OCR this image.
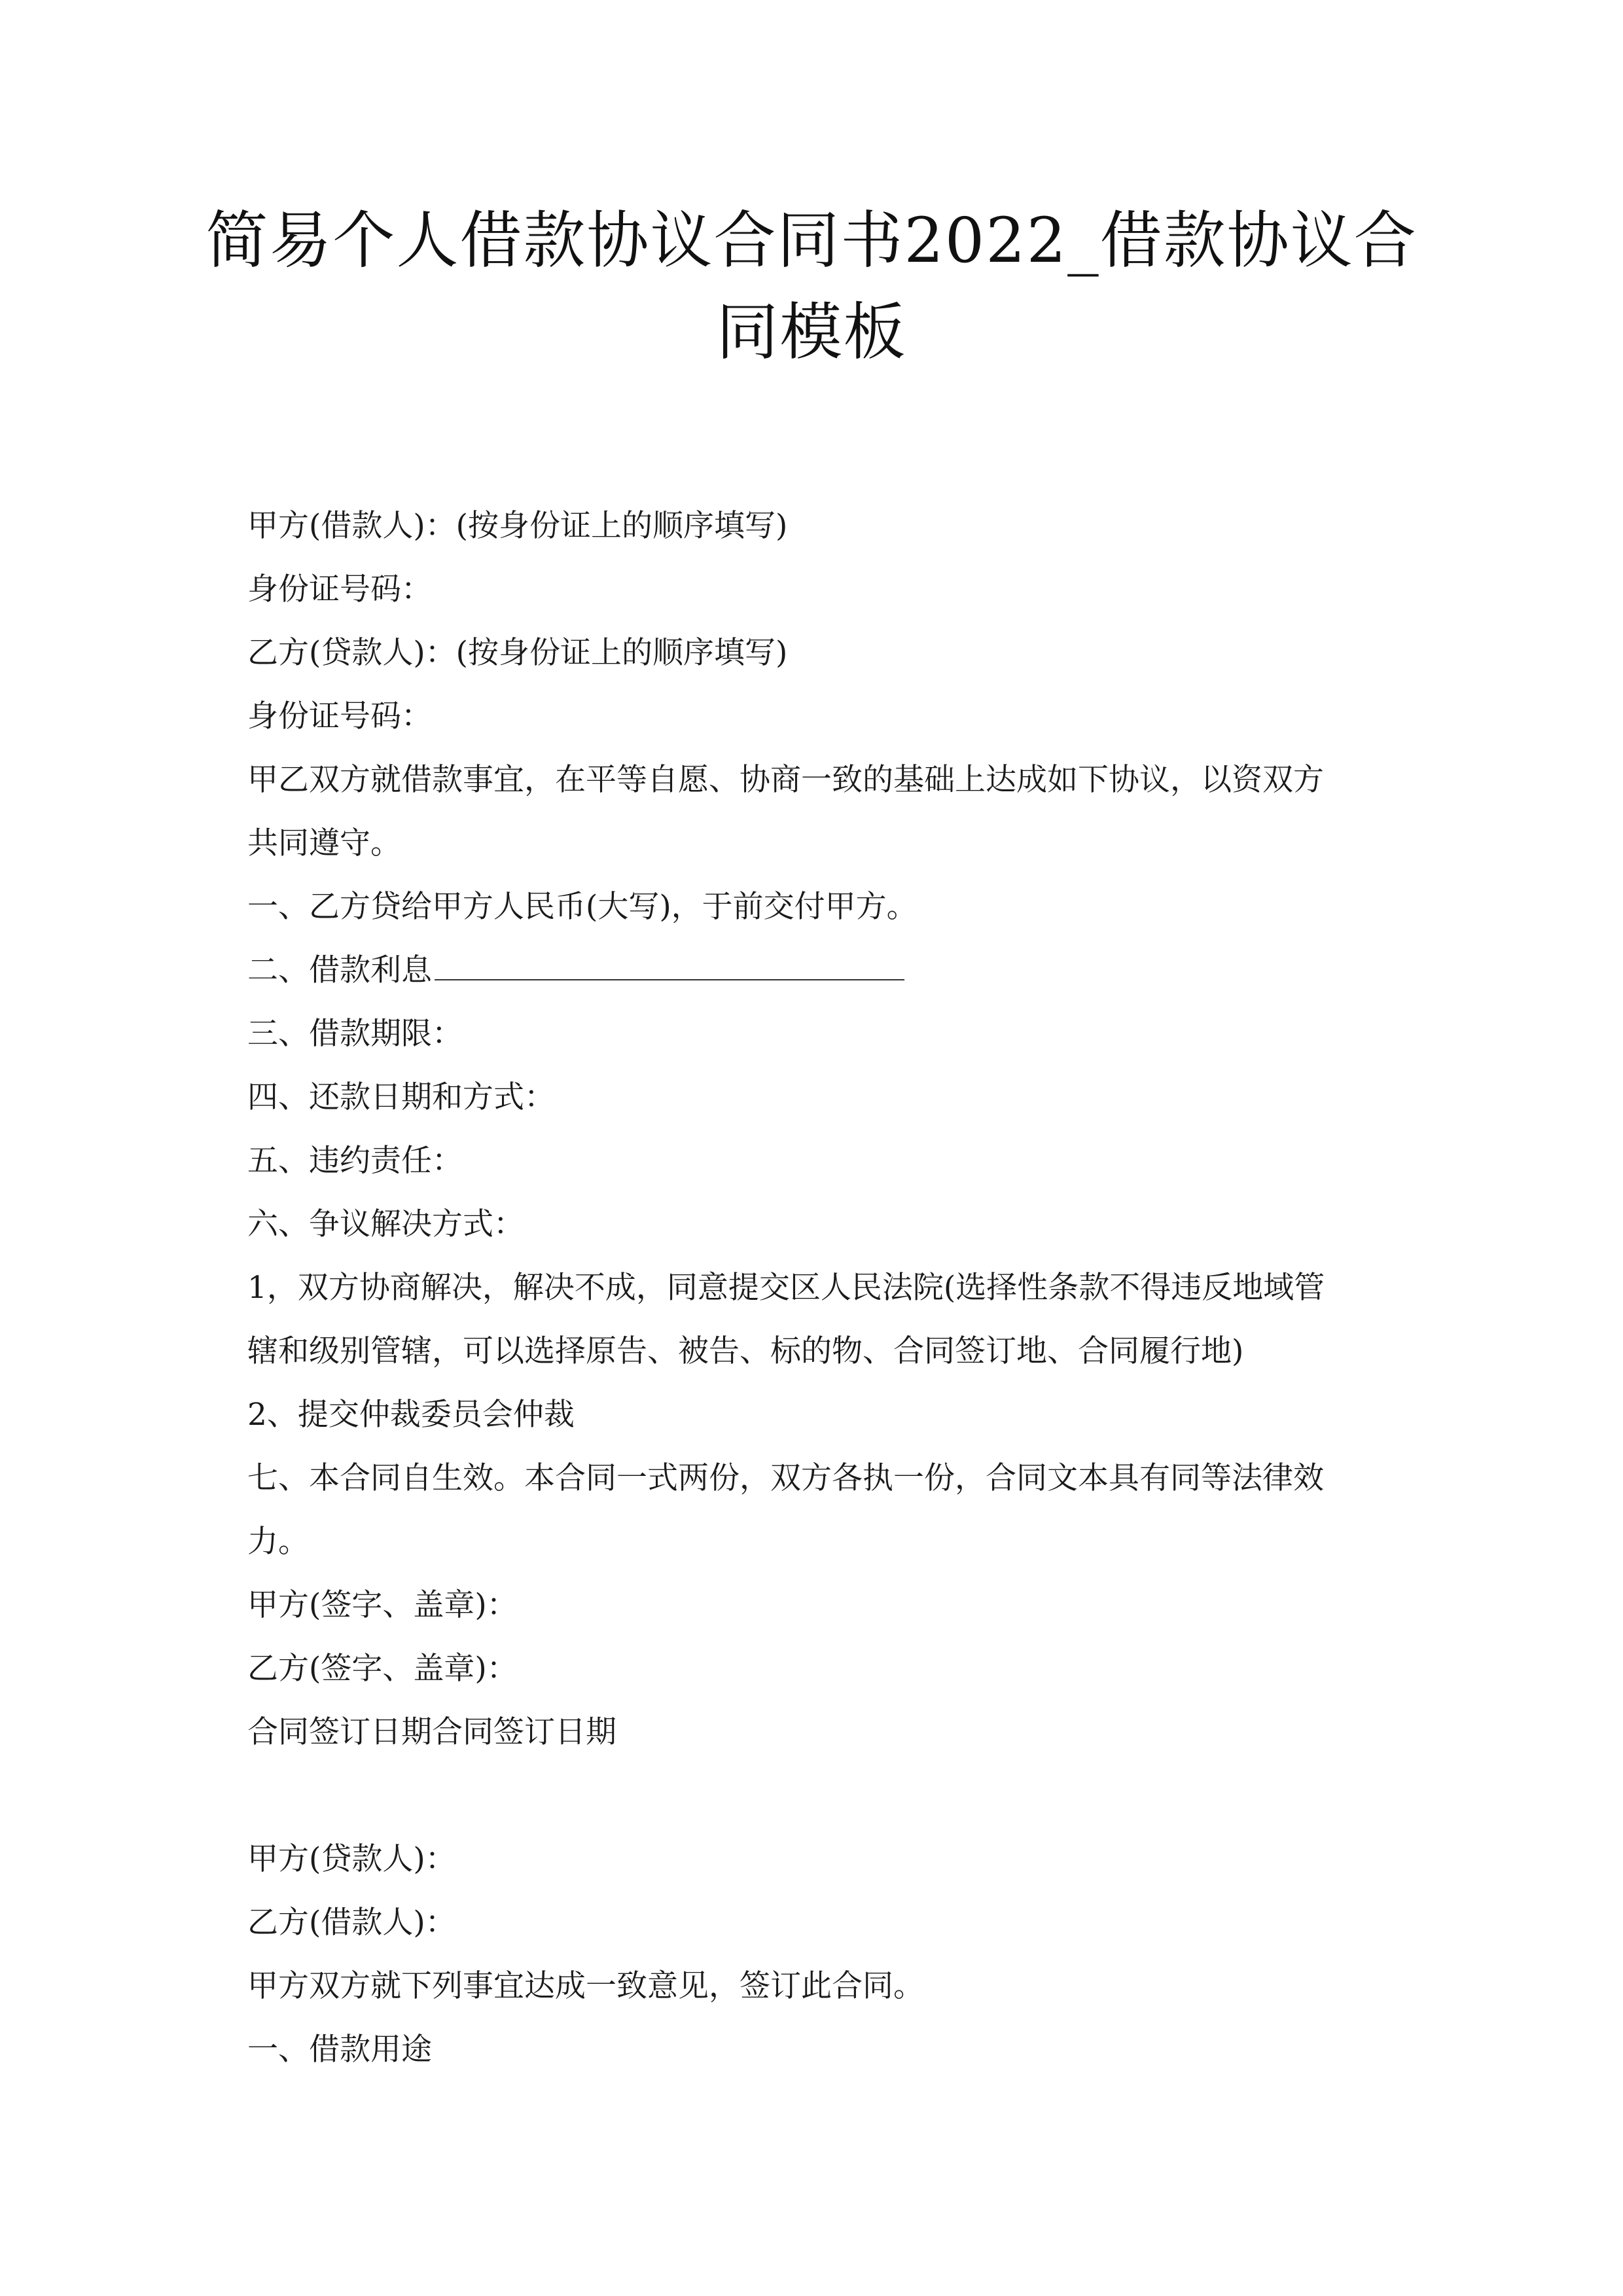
简易个人借款协议合同书2022_借款协议合
同模板
甲方(借款人)：(按身份证上的顺序填写)
身份证号码：
乙方(贷款人)：(按身份证上的顺序填写)
身份证号码：
甲乙双方就借款事宜，在平等自愿、协商一致的基础上达成如下协议，以资双方
共同遵守。
一、乙方贷给甲方人民币(大写)，于前交付甲方。
二、借款利息
三、借款期限：
四、还款日期和方式：
五、违约责任：
六、争议解决方式：
1，双方协商解决，解决不成，同意提交区人民法院(选择性条款不得违反地域管
辖和级别管辖，可以选择原告、被告、标的物、合同签订地、合同履行地)
2、提交仲裁委员会仲裁
七、本合同自生效。本合同一式两份，双方各执一份，合同文本具有同等法律效
力。
甲方(签字、盖章)：
乙方(签字、盖章)：
合同签订日期合同签订日期
甲方(贷款人)：
乙方(借款人)：
甲方双方就下列事宜达成一致意见，签订此合同。
一、借款用途
